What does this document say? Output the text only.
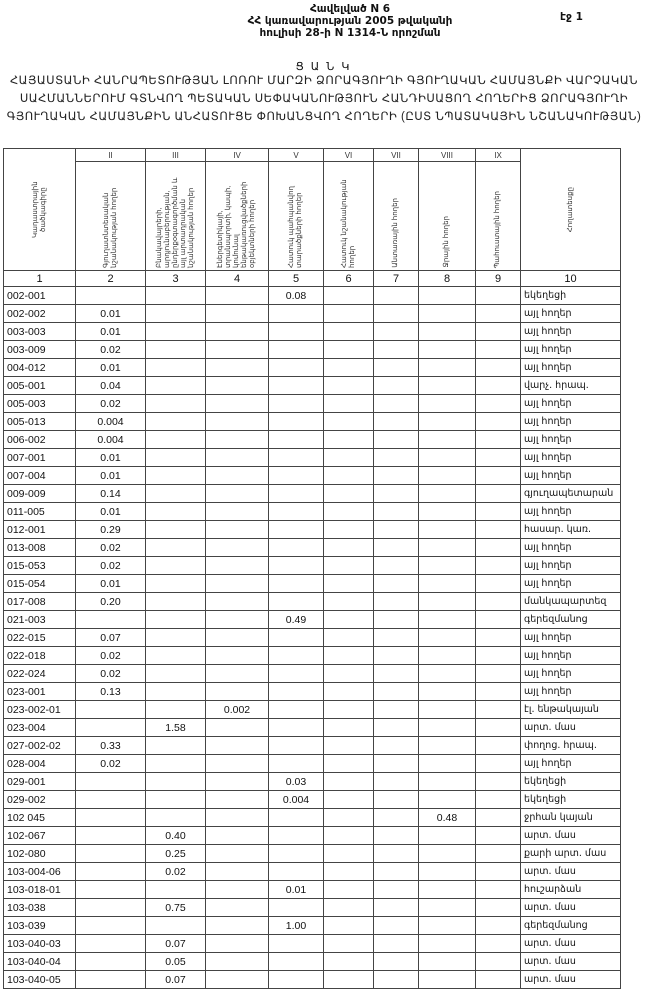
Հավելված N 6
ՀՀ կառավարության 2005 թվականի
հուլիսի 28-ի N 1314-Ն որոշման
էջ 1
Ց Ա Ն Կ
ՀԱՅԱՍՏԱՆԻ ՀԱՆՐԱՊԵՏՈՒԹՅԱՆ ԼՈՌՈՒ ՄԱՐԶԻ ՁՈՐԱԳՅՈՒՂԻ ԳՅՈՒՂԱԿԱՆ ՀԱՄԱՅՆՔԻ ՎԱՐՉԱԿԱՆ ՍԱՀՄԱՆՆԵՐՈՒՄ ԳՏՆՎՈՂ ՊԵՏԱԿԱՆ ՍԵՓԱԿԱՆՈՒԹՅՈՒՆ ՀԱՆԴԻՍԱՑՈՂ ՀՈՂԵՐԻՑ ՁՈՐԱԳՅՈՒՂԻ ԳՅՈՒՂԱԿԱՆ ՀԱՄԱՅՆՔԻՆ ԱՆՀԱՏՈՒՑԵ ՓՈԽԱՆՑՎՈՂ ՀՈՂԵՐԻ (ԸՍՏ ՆՊԱՏԱԿԱՅԻՆ ՆՇԱՆԱԿՈՒԹՅԱՆ)
Կադաստրային ծածկագիրը	II	III	IV	V	VI	VII	VIII	IX	Հողատեսքը

	Գյուղատնտեսական նշանակության հողեր	Բնակավայրերի, արդյունաբերության, ընդերքօգտագործման և այլ արտադրական նշանակության հողեր	Էներգետիկայի, տրանսպորտի, կապի, կոմունալ ենթակառուցվածքների օբյեկտների հողեր	Հատուկ պահպանվող տարածքների հողեր	Հատուկ նշանակության հողեր	Անտառային հողեր	Ջրային հողեր	Պահուստային հողեր	

1	2	3	4	5	6	7	8	9	10
002-001				0.08					եկեղեցի
002-002	0.01								այլ հողեր
003-003	0.01								այլ հողեր
003-009	0.02								այլ հողեր
004-012	0.01								այլ հողեր
005-001	0.04								վարչ. հրապ.
005-003	0.02								այլ հողեր
005-013	0.004								այլ հողեր
006-002	0.004								այլ հողեր
007-001	0.01								այլ հողեր
007-004	0.01								այլ հողեր
009-009	0.14								գյուղապետարան
011-005	0.01								այլ հողեր
012-001	0.29								հասար. կառ.
013-008	0.02								այլ հողեր
015-053	0.02								այլ հողեր
015-054	0.01								այլ հողեր
017-008	0.20								մանկապարտեզ
021-003				0.49					գերեզմանոց
022-015	0.07								այլ հողեր
022-018	0.02								այլ հողեր
022-024	0.02								այլ հողեր
023-001	0.13								այլ հողեր
023-002-01			0.002						էլ. ենթակայան
023-004		1.58							արտ. մաս
027-002-02	0.33								փողոց. հրապ.
028-004	0.02								այլ հողեր
029-001				0.03					եկեղեցի
029-002				0.004					եկեղեցի
102 045							0.48		ջրհան կայան
102-067		0.40							արտ. մաս
102-080		0.25							քարի արտ. մաս
103-004-06		0.02							արտ. մաս
103-018-01				0.01					հուշարձան
103-038		0.75							արտ. մաս
103-039				1.00					գերեզմանոց
103-040-03		0.07							արտ. մաս
103-040-04		0.05							արտ. մաս
103-040-05		0.07							արտ. մաս
